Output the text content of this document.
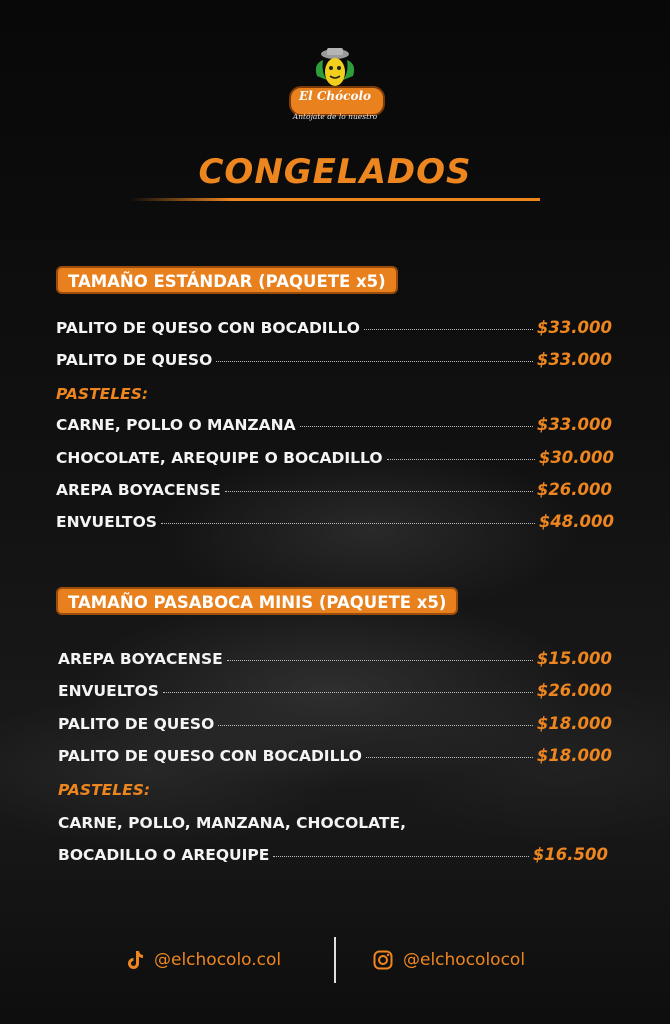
El Chócolo
Antójate de lo nuestro
CONGELADOS
TAMAÑO ESTÁNDAR (PAQUETE x5)
PALITO DE QUESO CON BOCADILLO	$33.000
PALITO DE QUESO	$33.000
PASTELES:
CARNE, POLLO O MANZANA	$33.000
CHOCOLATE, AREQUIPE O BOCADILLO	$30.000
AREPA BOYACENSE	$26.000
ENVUELTOS	$48.000
TAMAÑO PASABOCA MINIS (PAQUETE x5)
AREPA BOYACENSE	$15.000
ENVUELTOS	$26.000
PALITO DE QUESO	$18.000
PALITO DE QUESO CON BOCADILLO	$18.000
PASTELES:
CARNE, POLLO, MANZANA, CHOCOLATE,
BOCADILLO O AREQUIPE	$16.500
@elchocolo.col	@elchocolocol
